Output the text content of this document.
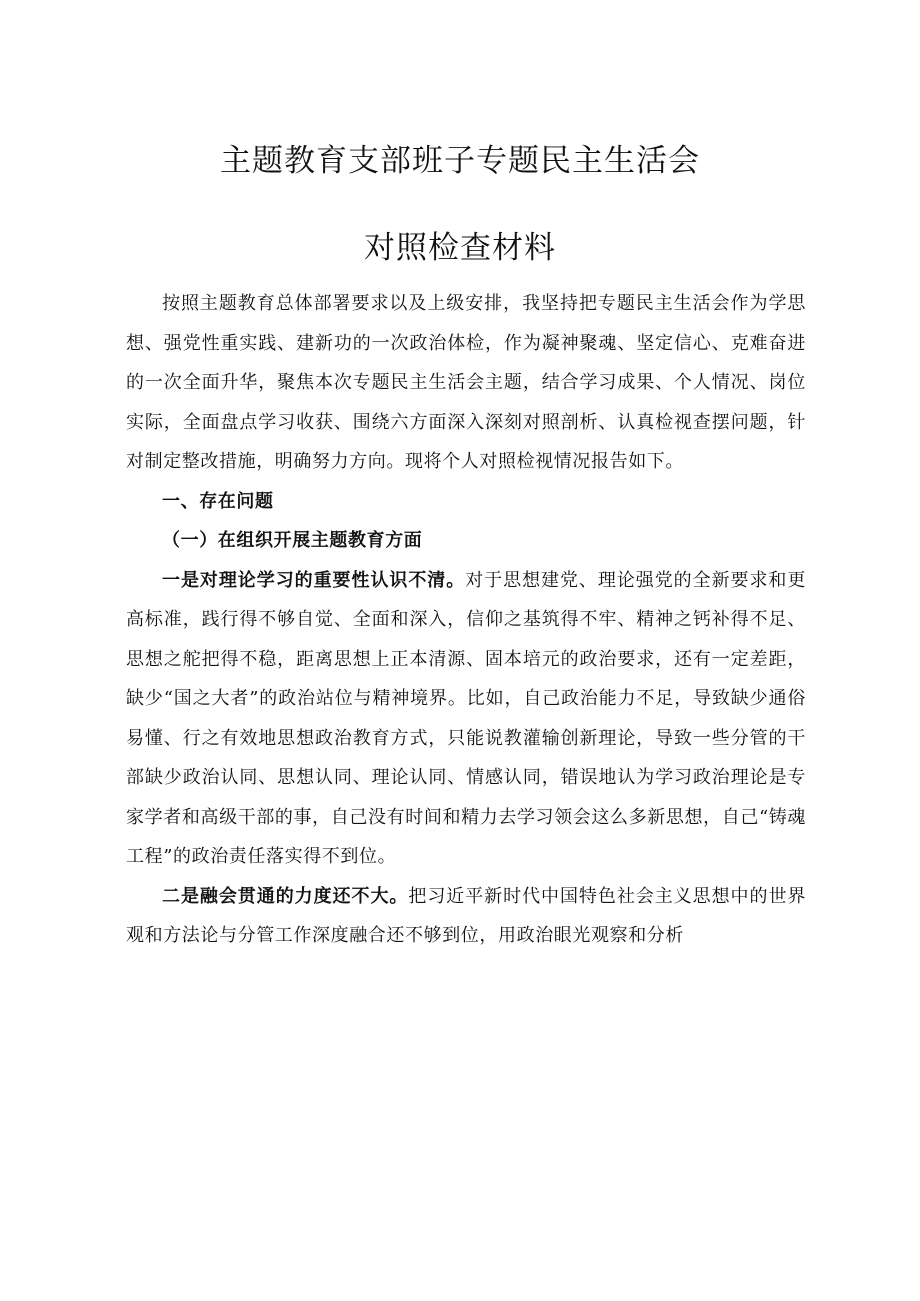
主题教育支部班子专题民主生活会
对照检查材料

按照主题教育总体部署要求以及上级安排，我坚持把专题民主生活会作为学思想、强党性重实践、建新功的一次政治体检，作为凝神聚魂、坚定信心、克难奋进的一次全面升华，聚焦本次专题民主生活会主题，结合学习成果、个人情况、岗位实际，全面盘点学习收获、围绕六方面深入深刻对照剖析、认真检视查摆问题，针对制定整改措施，明确努力方向。现将个人对照检视情况报告如下。

一、存在问题

（一）在组织开展主题教育方面

一是对理论学习的重要性认识不清。对于思想建党、理论强党的全新要求和更高标准，践行得不够自觉、全面和深入，信仰之基筑得不牢、精神之钙补得不足、思想之舵把得不稳，距离思想上正本清源、固本培元的政治要求，还有一定差距，缺少“国之大者”的政治站位与精神境界。比如，自己政治能力不足，导致缺少通俗易懂、行之有效地思想政治教育方式，只能说教灌输创新理论，导致一些分管的干部缺少政治认同、思想认同、理论认同、情感认同，错误地认为学习政治理论是专家学者和高级干部的事，自己没有时间和精力去学习领会这么多新思想，自己“铸魂工程”的政治责任落实得不到位。

二是融会贯通的力度还不大。把习近平新时代中国特色社会主义思想中的世界观和方法论与分管工作深度融合还不够到位，用政治眼光观察和分析
